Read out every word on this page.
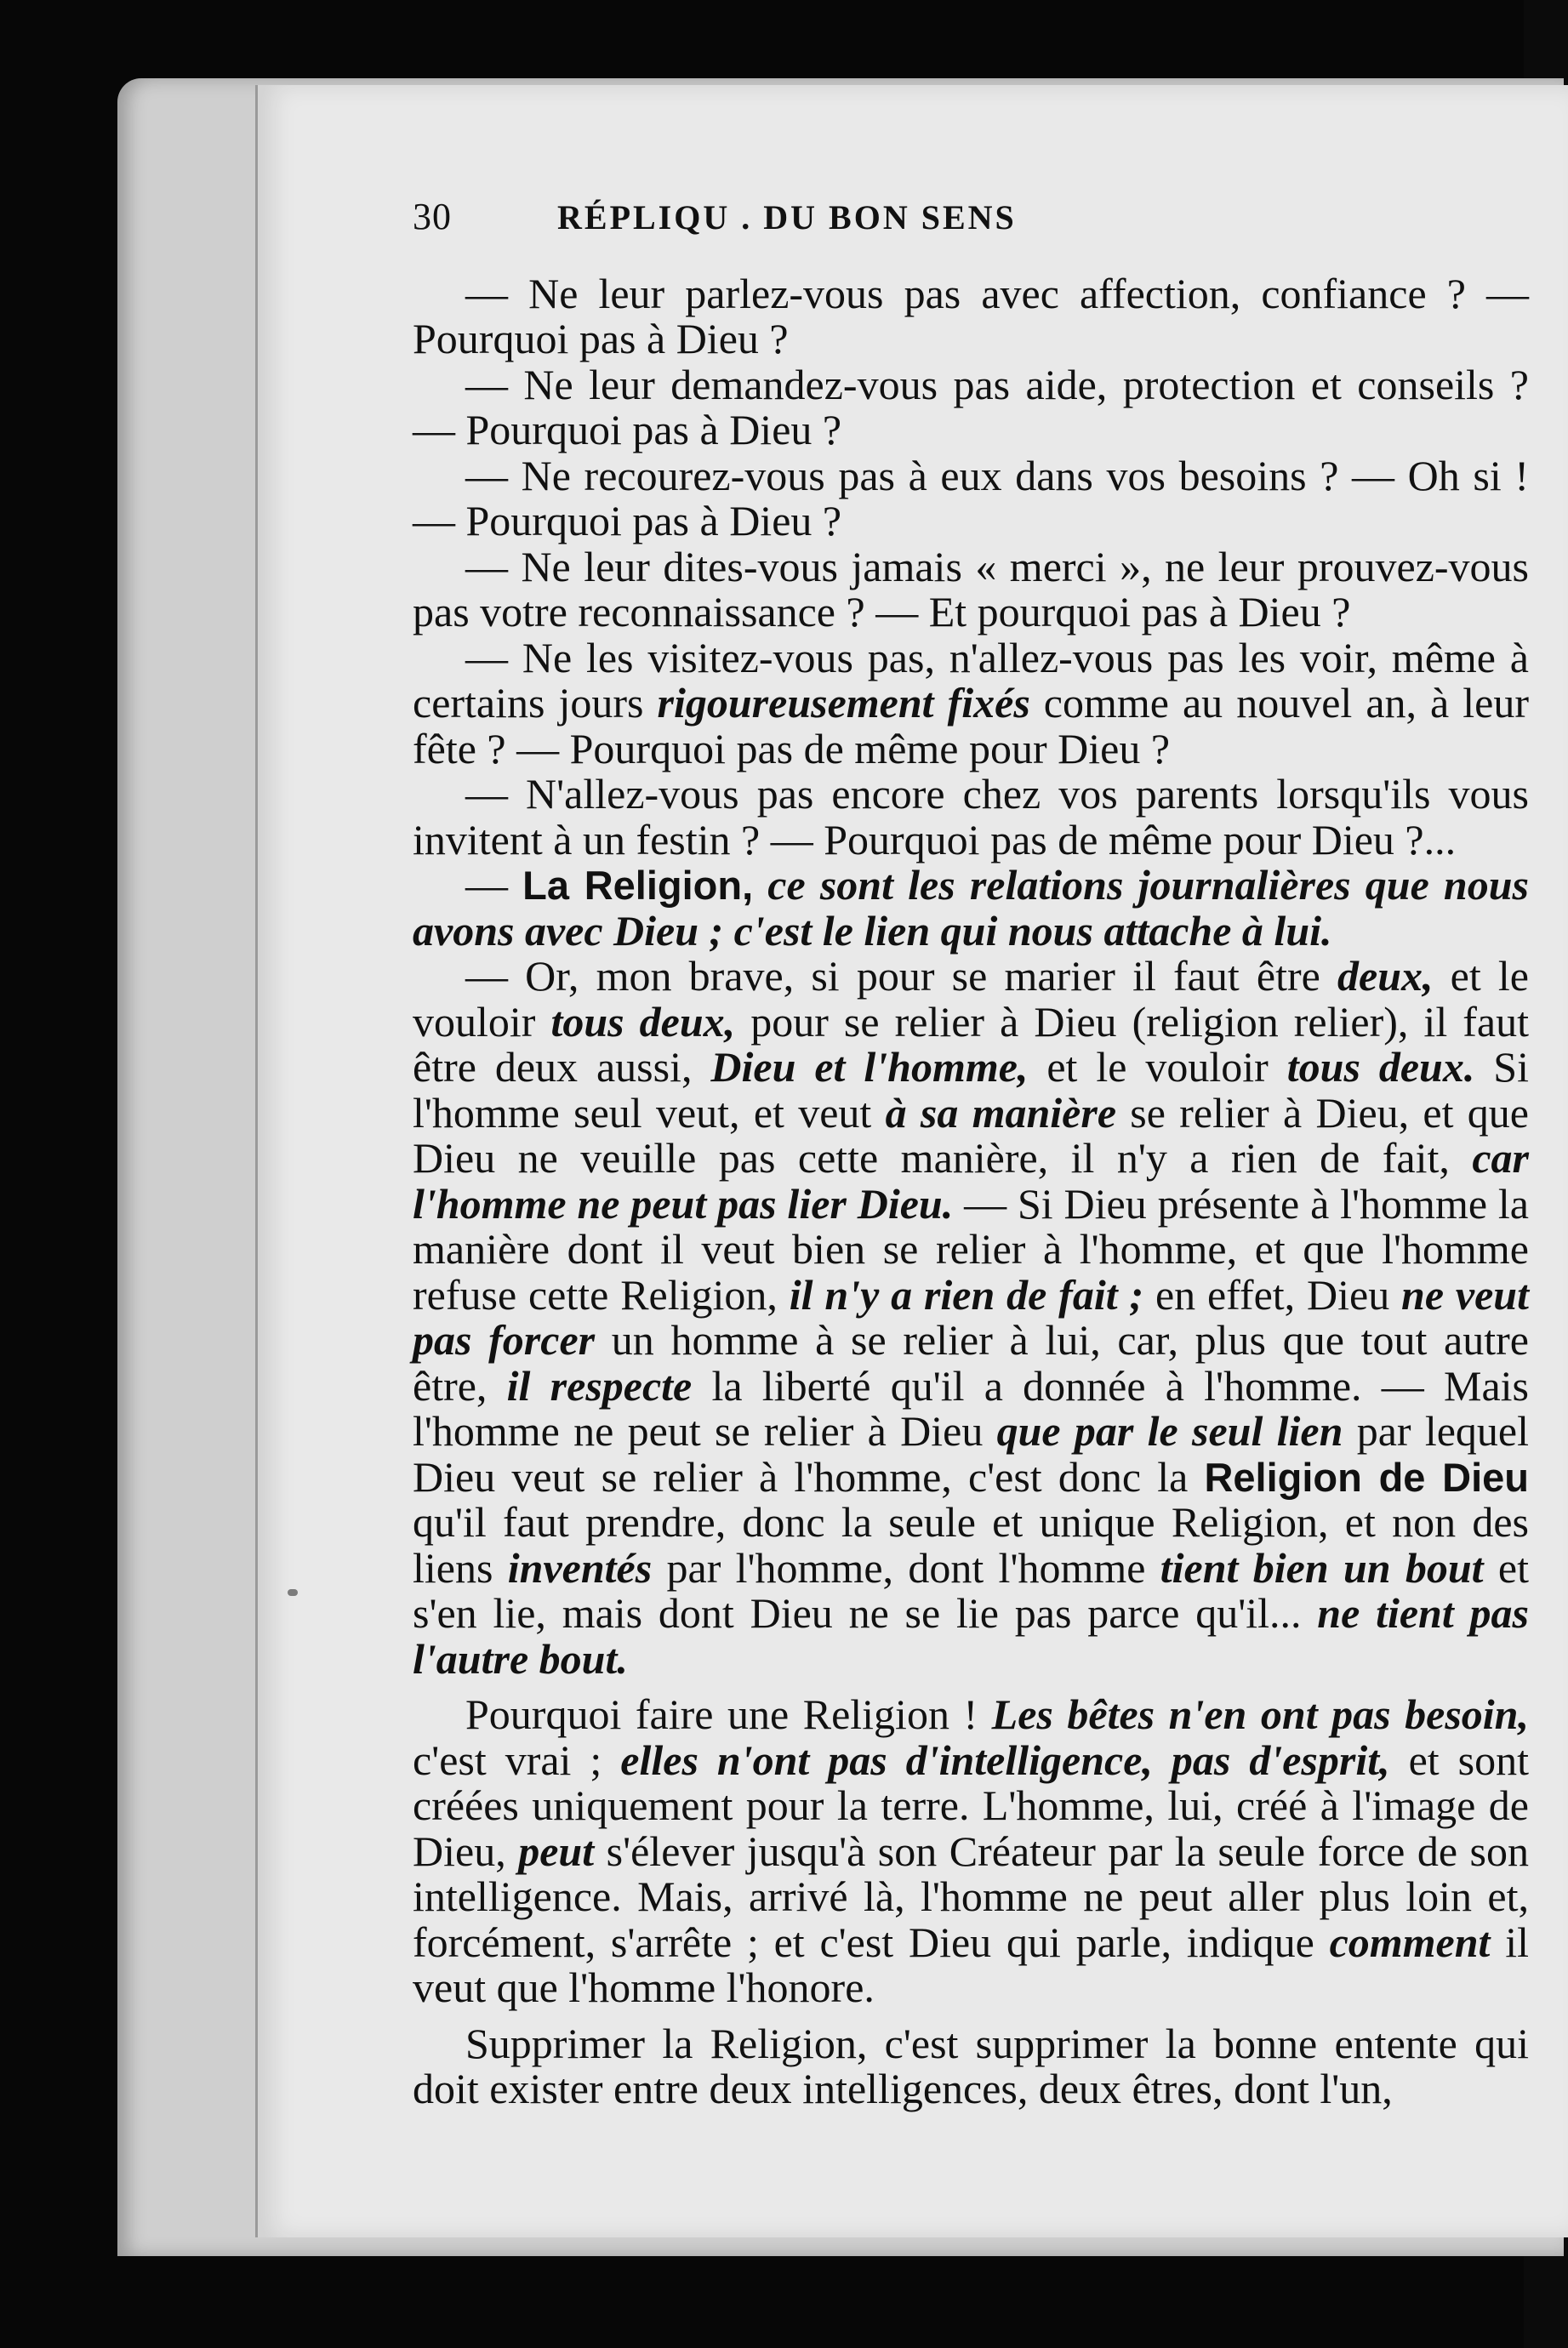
30	RÉPLIQU . DU BON SENS

— Ne leur parlez-vous pas avec affection, confiance ? — Pourquoi pas à Dieu ?

— Ne leur demandez-vous pas aide, protection et conseils ? — Pourquoi pas à Dieu ?

— Ne recourez-vous pas à eux dans vos besoins ? — Oh si ! — Pourquoi pas à Dieu ?

— Ne leur dites-vous jamais « merci », ne leur prouvez-vous pas votre reconnaissance ? — Et pourquoi pas à Dieu ?

— Ne les visitez-vous pas, n'allez-vous pas les voir, même à certains jours rigoureusement fixés comme au nouvel an, à leur fête ? — Pourquoi pas de même pour Dieu ?

— N'allez-vous pas encore chez vos parents lorsqu'ils vous invitent à un festin ? — Pourquoi pas de même pour Dieu ?...

— La Religion, ce sont les relations journalières que nous avons avec Dieu ; c'est le lien qui nous attache à lui.

— Or, mon brave, si pour se marier il faut être deux, et le vouloir tous deux, pour se relier à Dieu (religion relier), il faut être deux aussi, Dieu et l'homme, et le vouloir tous deux. Si l'homme seul veut, et veut à sa manière se relier à Dieu, et que Dieu ne veuille pas cette manière, il n'y a rien de fait, car l'homme ne peut pas lier Dieu. — Si Dieu présente à l'homme la manière dont il veut bien se relier à l'homme, et que l'homme refuse cette Religion, il n'y a rien de fait ; en effet, Dieu ne veut pas forcer un homme à se relier à lui, car, plus que tout autre être, il respecte la liberté qu'il a donnée à l'homme. — Mais l'homme ne peut se relier à Dieu que par le seul lien par lequel Dieu veut se relier à l'homme, c'est donc la Religion de Dieu qu'il faut prendre, donc la seule et unique Religion, et non des liens inventés par l'homme, dont l'homme tient bien un bout et s'en lie, mais dont Dieu ne se lie pas parce qu'il... ne tient pas l'autre bout.

Pourquoi faire une Religion ! Les bêtes n'en ont pas besoin, c'est vrai ; elles n'ont pas d'intelligence, pas d'esprit, et sont créées uniquement pour la terre. L'homme, lui, créé à l'image de Dieu, peut s'élever jusqu'à son Créateur par la seule force de son intelligence. Mais, arrivé là, l'homme ne peut aller plus loin et, forcément, s'arrête ; et c'est Dieu qui parle, indique comment il veut que l'homme l'honore.

Supprimer la Religion, c'est supprimer la bonne entente qui doit exister entre deux intelligences, deux êtres, dont l'un,
